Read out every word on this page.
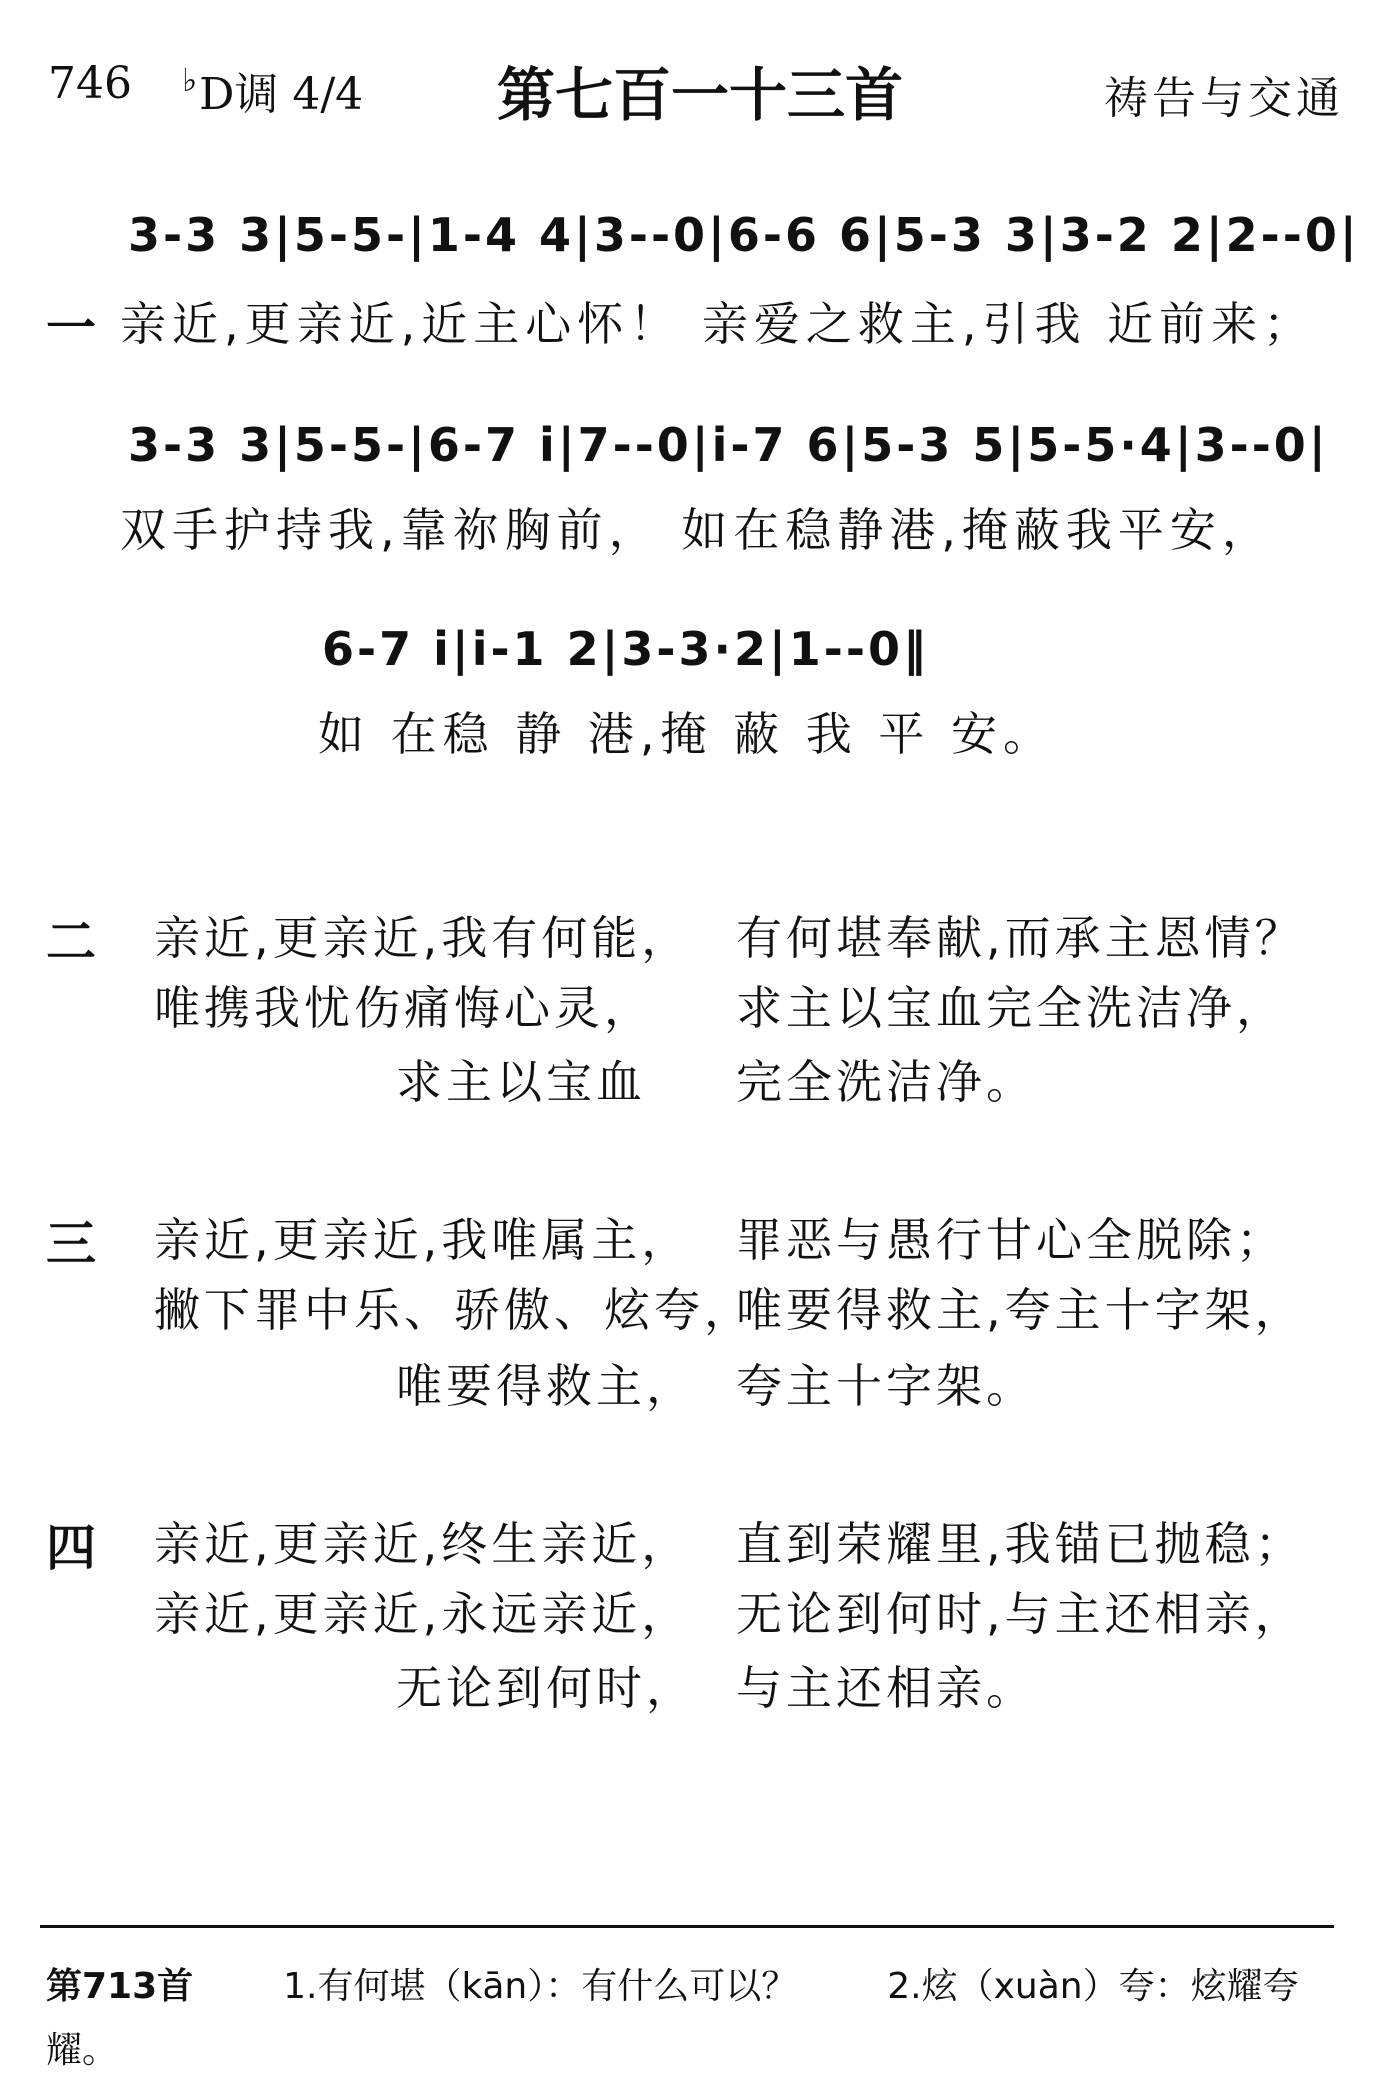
746 ♭D调 4/4	第七百一十三首	祷告与交通
3-3 3|5-5-|1-4 4|3--0|6-6 6|5-3 3|3-2 2|2--0|
一 亲近,更亲近,近主心怀！ 亲爱之救主,引我 近前来；
3-3 3|5-5-|6-7 i|7--0|i-7 6|5-3 5|5-5·4|3--0|
双手护持我,靠祢胸前， 如在稳静港,掩蔽我平安，
6-7 i|i-1 2|3-3·2|1--0‖
如 在稳 静 港,掩 蔽 我 平 安。
二 亲近,更亲近,我有何能， 有何堪奉献,而承主恩情？
唯携我忧伤痛悔心灵， 求主以宝血完全洗洁净，
求主以宝血 完全洗洁净。
三 亲近,更亲近,我唯属主， 罪恶与愚行甘心全脱除；
撇下罪中乐、骄傲、炫夸，
唯要得救主,夸主十字架，
唯要得救主， 夸主十字架。
四 亲近,更亲近,终生亲近， 直到荣耀里,我锚已抛稳；
亲近,更亲近,永远亲近， 无论到何时,与主还相亲，
无论到何时， 与主还相亲。
第713首	1.有何堪（kān）：有什么可以？	2.炫（xuàn）夸：炫耀夸耀。
